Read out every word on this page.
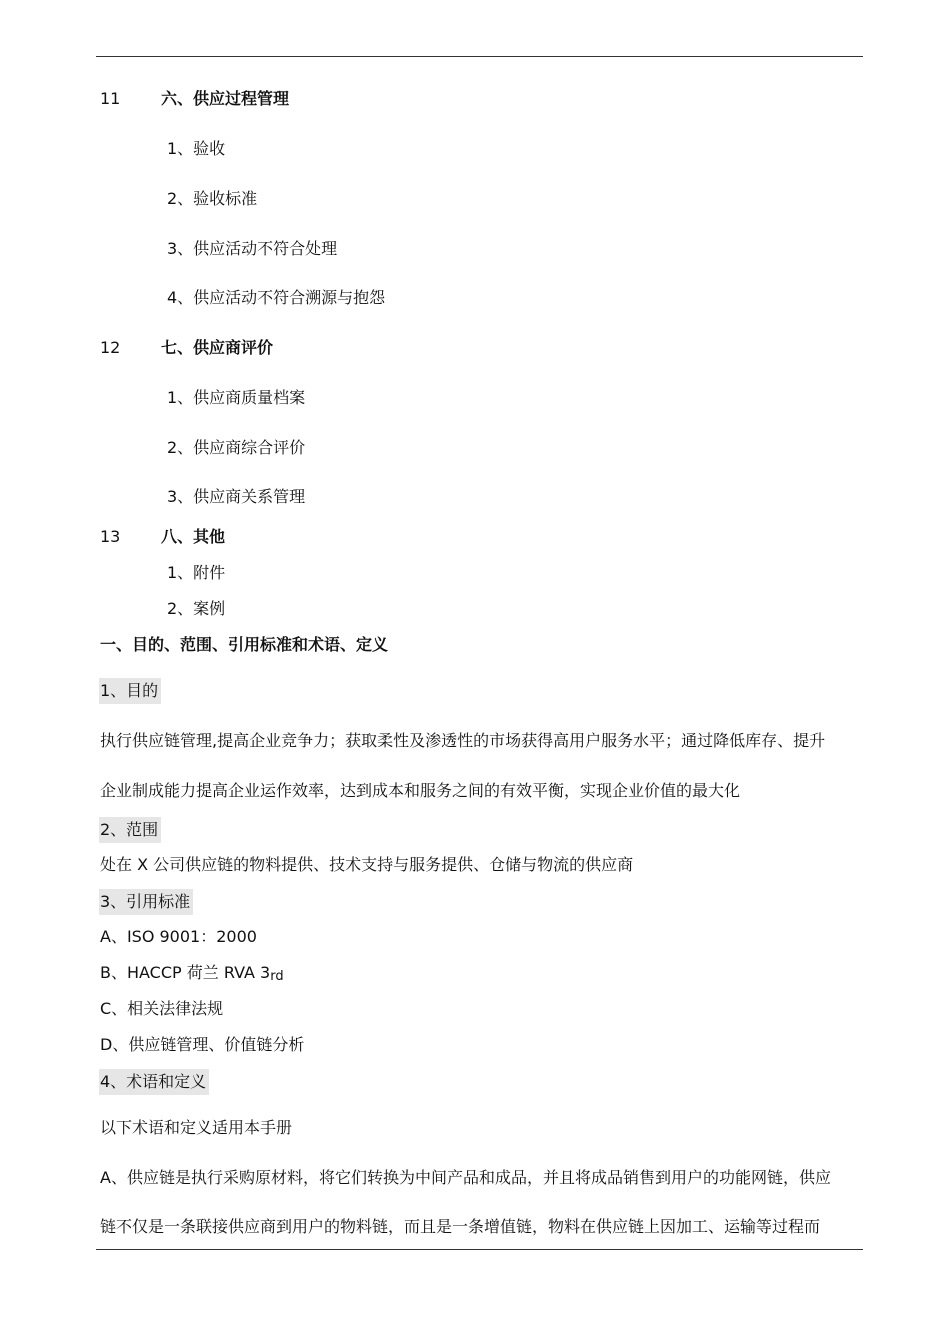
11	六、供应过程管理
1、验收
2、验收标准
3、供应活动不符合处理
4、供应活动不符合溯源与抱怨
12	七、供应商评价
1、供应商质量档案
2、供应商综合评价
3、供应商关系管理
13	八、其他
1、附件
2、案例
一、目的、范围、引用标准和术语、定义
1、目的
执行供应链管理,提高企业竞争力；获取柔性及渗透性的市场获得高用户服务水平；通过降低库存、提升
企业制成能力提高企业运作效率，达到成本和服务之间的有效平衡，实现企业价值的最大化
2、范围
处在 X 公司供应链的物料提供、技术支持与服务提供、仓储与物流的供应商
3、引用标准
A、ISO 9001：2000
B、HACCP 荷兰 RVA $3_{rd}$
C、相关法律法规
D、供应链管理、价值链分析
4、术语和定义
以下术语和定义适用本手册
A、供应链是执行采购原材料，将它们转换为中间产品和成品，并且将成品销售到用户的功能网链，供应
链不仅是一条联接供应商到用户的物料链，而且是一条增值链，物料在供应链上因加工、运输等过程而
